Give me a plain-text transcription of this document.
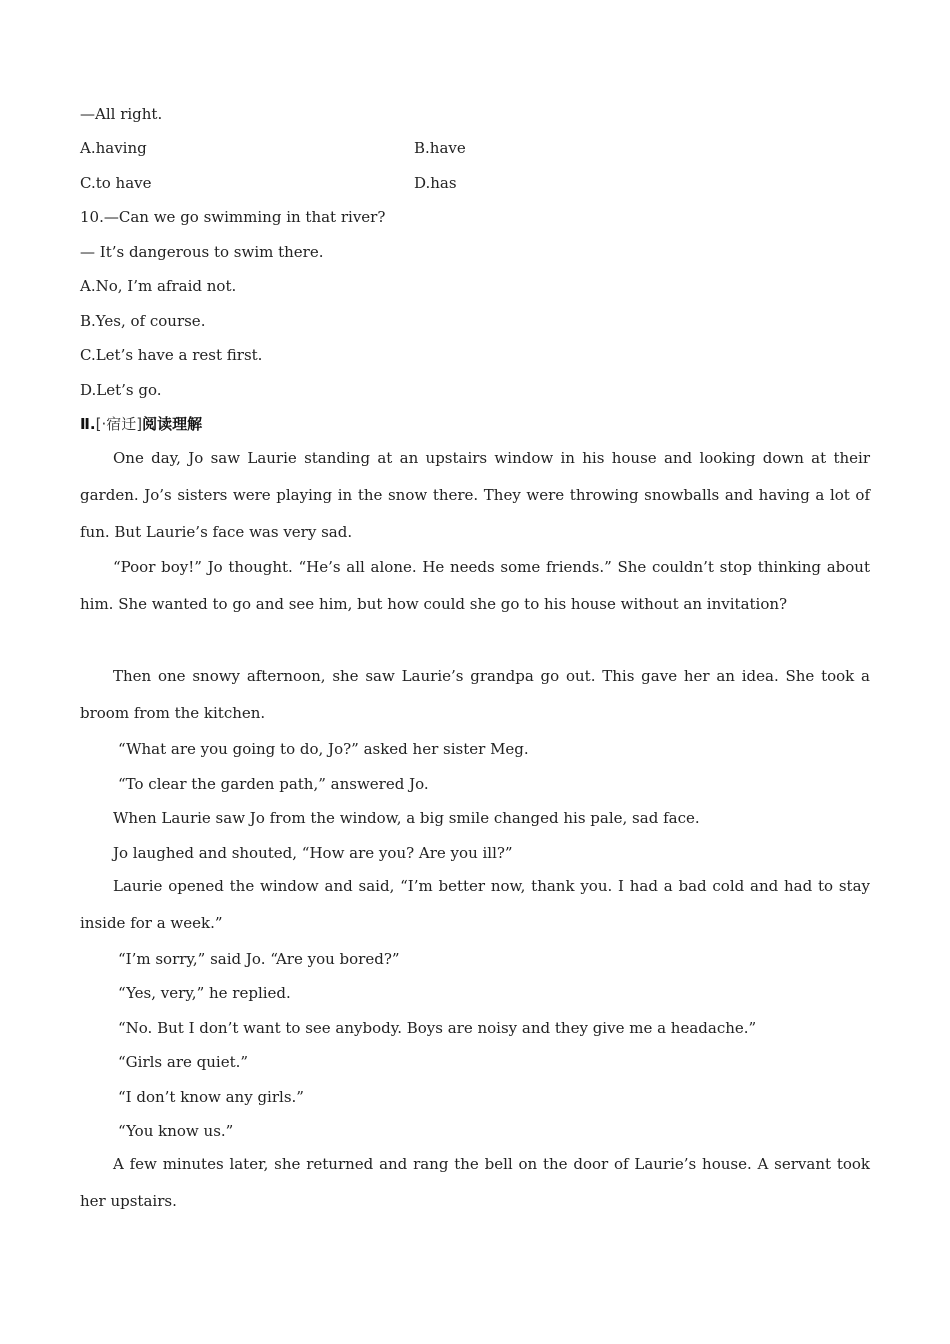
—All right.
A.having	B.have
C.to have	D.has
10.—Can we go swimming in that river?
— It’s dangerous to swim there.
A.No, I’m afraid not.
B.Yes, of course.
C.Let’s have a rest first.
D.Let’s go.
Ⅱ.[·宿迁]阅读理解
One day, Jo saw Laurie standing at an upstairs window in his house and looking down at their garden. Jo’s sisters were playing in the snow there. They were throwing snowballs and having a lot of fun. But Laurie’s face was very sad.
“Poor boy!” Jo thought. “He’s all alone. He needs some friends.” She couldn’t stop thinking about him. She wanted to go and see him, but how could she go to his house without an invitation?
Then one snowy afternoon, she saw Laurie’s grandpa go out. This gave her an idea. She took a broom from the kitchen.
“What are you going to do, Jo?” asked her sister Meg.
“To clear the garden path,” answered Jo.
When Laurie saw Jo from the window, a big smile changed his pale, sad face.
Jo laughed and shouted, “How are you? Are you ill?”
Laurie opened the window and said, “I’m better now, thank you. I had a bad cold and had to stay inside for a week.”
“I’m sorry,” said Jo. “Are you bored?”
“Yes, very,” he replied.
“No. But I don’t want to see anybody. Boys are noisy and they give me a headache.”
“Girls are quiet.”
“I don’t know any girls.”
“You know us.”
A few minutes later, she returned and rang the bell on the door of Laurie’s house. A servant took her upstairs.
